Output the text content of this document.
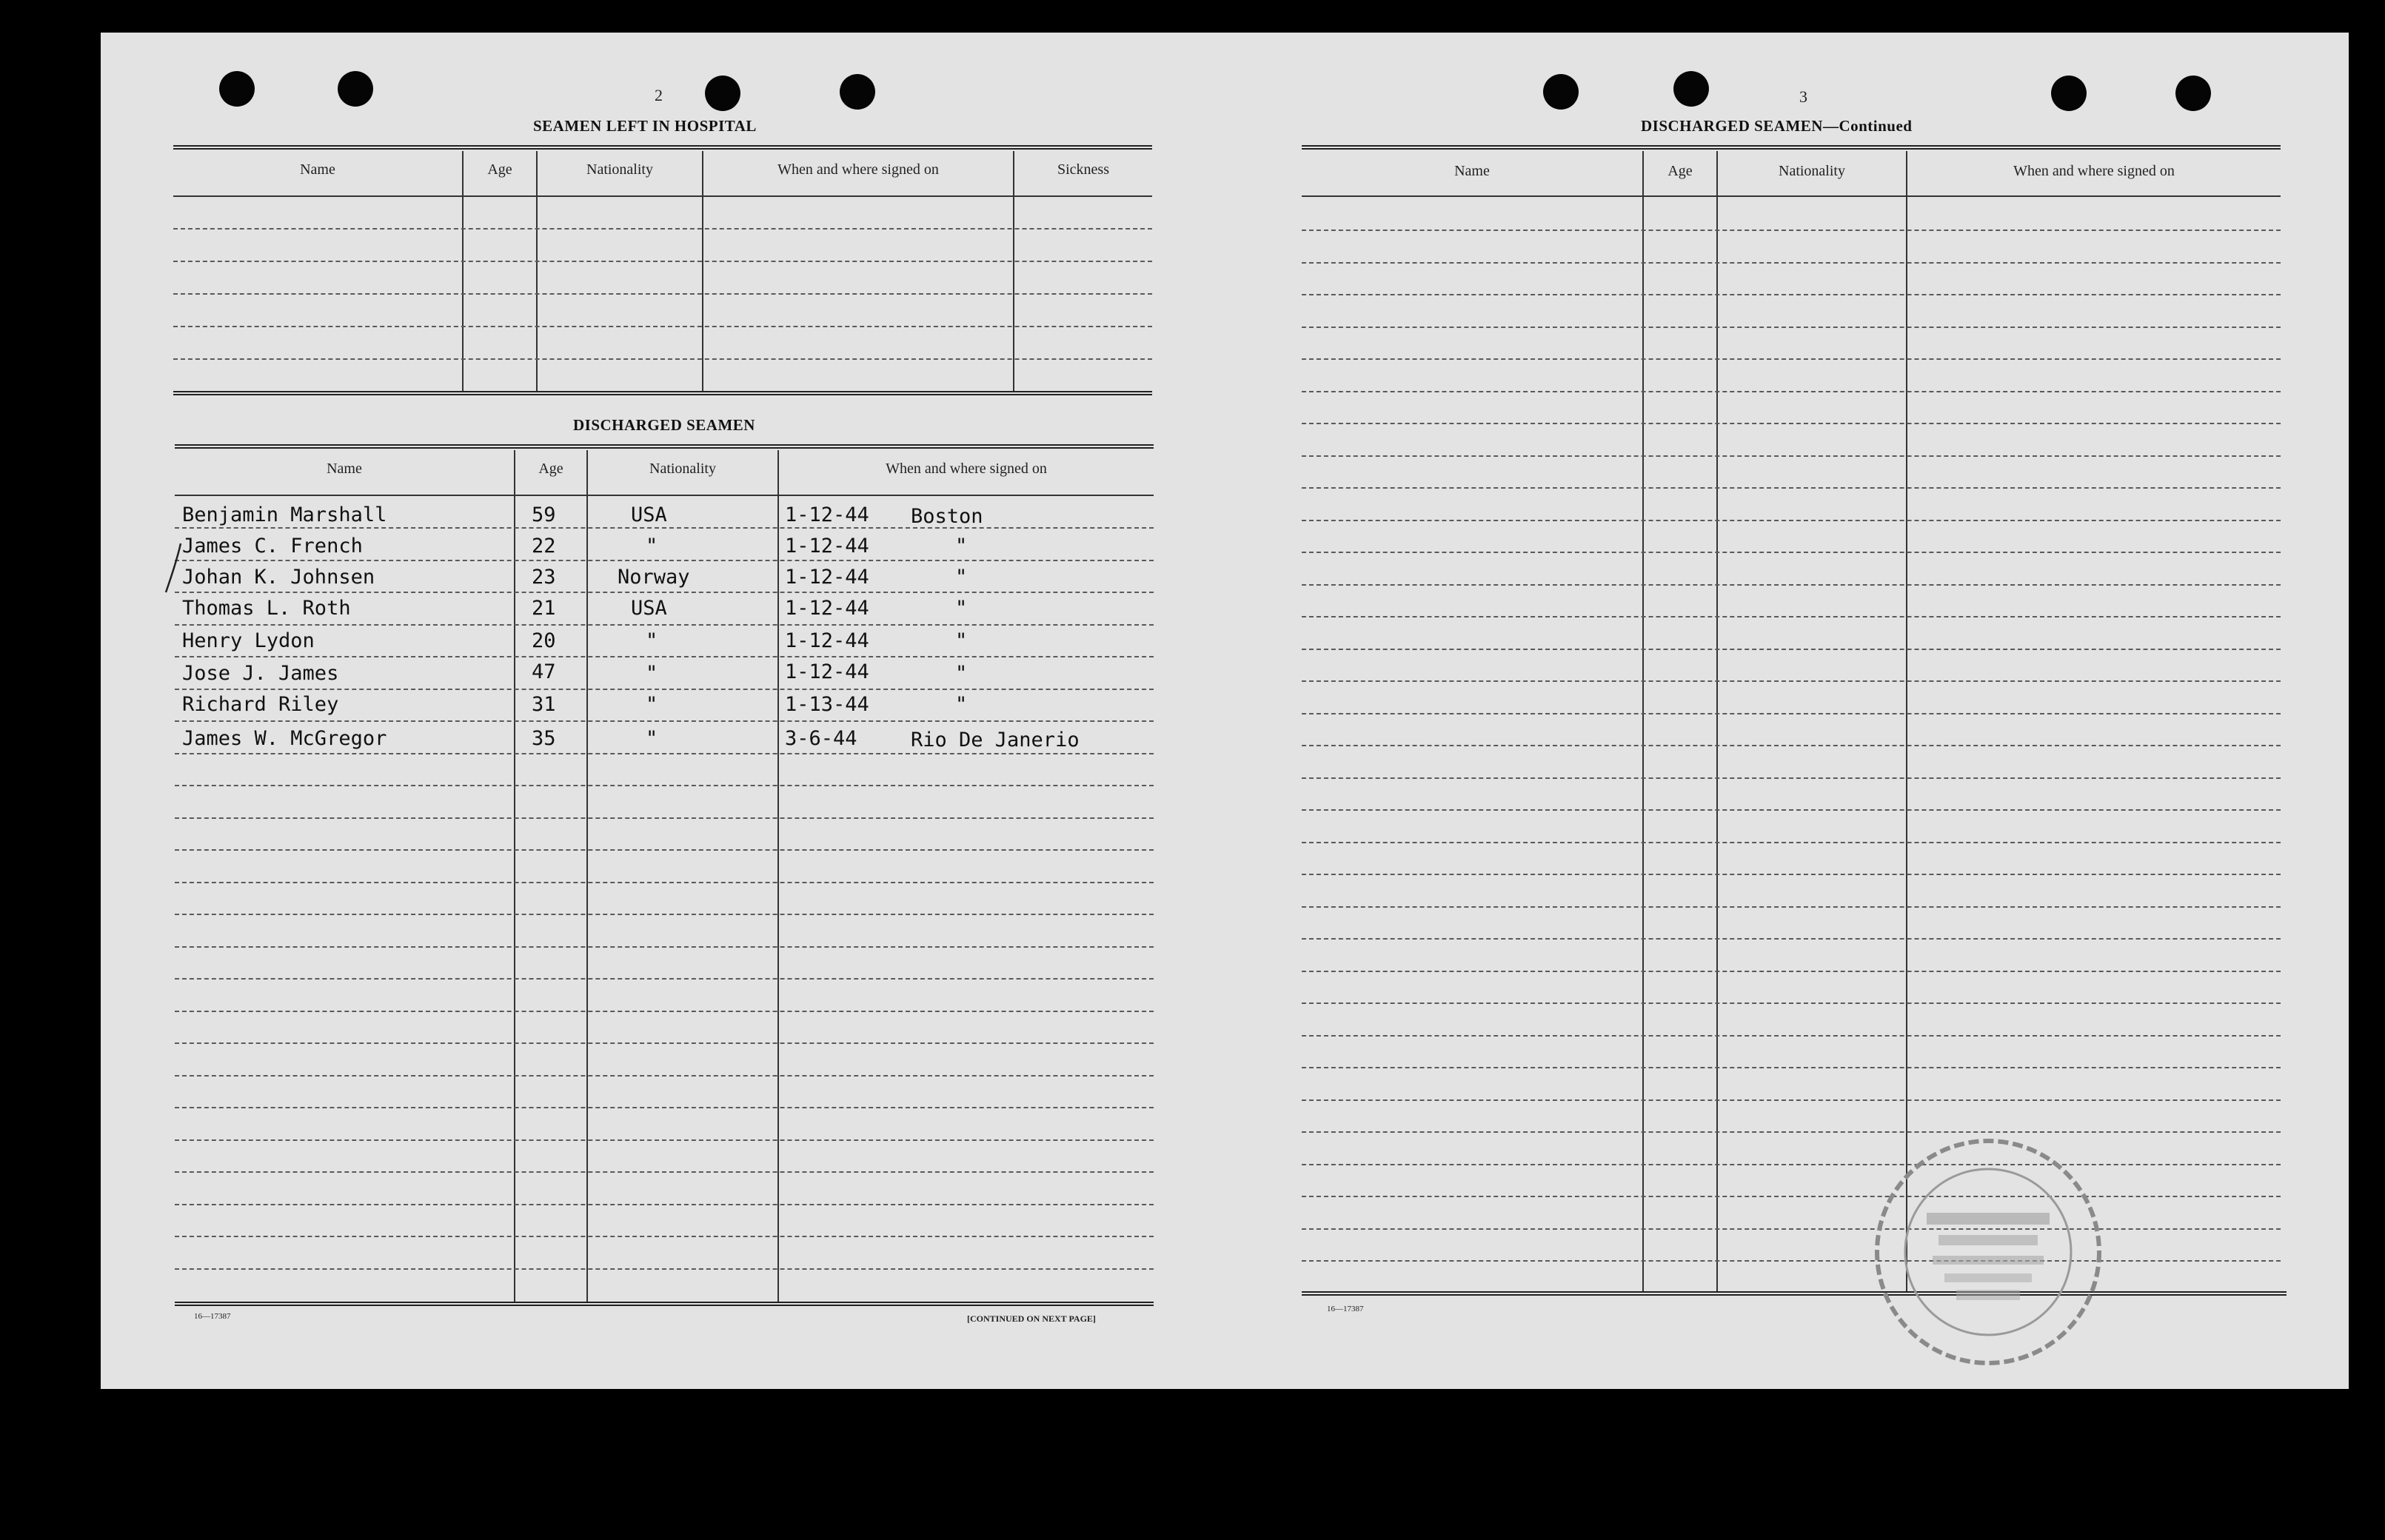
2
SEAMEN LEFT IN HOSPITAL
Name	Age	Nationality	When and where signed on	Sickness
DISCHARGED SEAMEN
Name	Age	Nationality	When and where signed on
Benjamin Marshall	59	USA	1-12-44 Boston
James C. French	22	"	1-12-44	"
Johan K. Johnsen	23	Norway	1-12-44	"
Thomas L. Roth	21	USA	1-12-44	"
Henry Lydon	20	"	1-12-44	"
Jose J. James	47	"	1-12-44	"
Richard Riley	31	"	1-13-44	"
James W. McGregor	35	"	3-6-44	Rio De Janerio
16—17387	[CONTINUED ON NEXT PAGE]
3
DISCHARGED SEAMEN—Continued
Name	Age	Nationality	When and where signed on
16—17387
